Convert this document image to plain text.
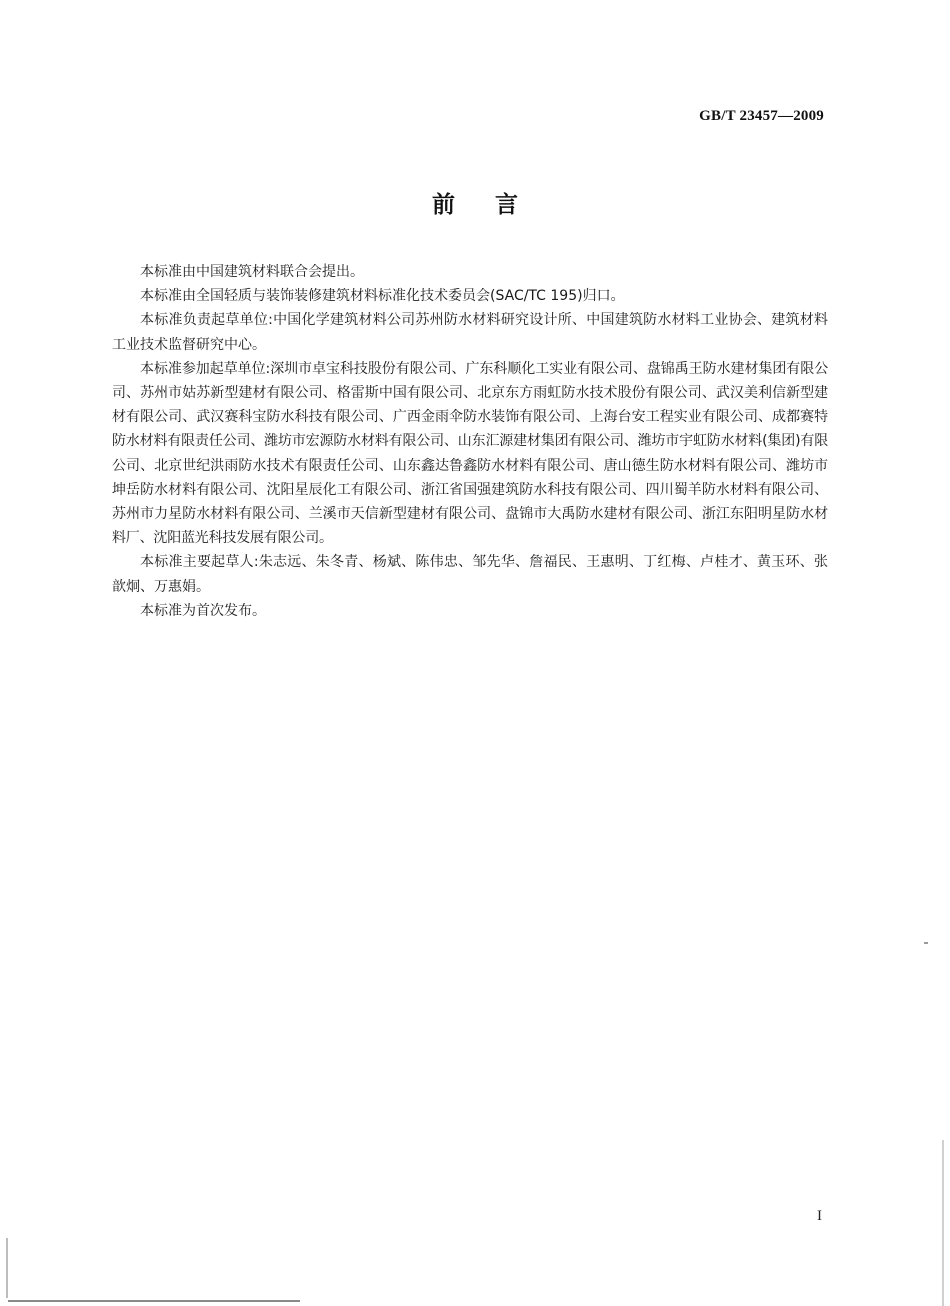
GB/T 23457—2009
前言

本标准由中国建筑材料联合会提出。

本标准由全国轻质与装饰装修建筑材料标准化技术委员会(SAC/TC 195)归口。

本标准负责起草单位:中国化学建筑材料公司苏州防水材料研究设计所、中国建筑防水材料工业协会、建筑材料工业技术监督研究中心。

本标准参加起草单位:深圳市卓宝科技股份有限公司、广东科顺化工实业有限公司、盘锦禹王防水建材集团有限公司、苏州市姑苏新型建材有限公司、格雷斯中国有限公司、北京东方雨虹防水技术股份有限公司、武汉美利信新型建材有限公司、武汉赛科宝防水科技有限公司、广西金雨伞防水装饰有限公司、上海台安工程实业有限公司、成都赛特防水材料有限责任公司、潍坊市宏源防水材料有限公司、山东汇源建材集团有限公司、潍坊市宇虹防水材料(集团)有限公司、北京世纪洪雨防水技术有限责任公司、山东鑫达鲁鑫防水材料有限公司、唐山德生防水材料有限公司、潍坊市坤岳防水材料有限公司、沈阳星辰化工有限公司、浙江省国强建筑防水科技有限公司、四川蜀羊防水材料有限公司、苏州市力星防水材料有限公司、兰溪市天信新型建材有限公司、盘锦市大禹防水建材有限公司、浙江东阳明星防水材料厂、沈阳蓝光科技发展有限公司。

本标准主要起草人:朱志远、朱冬青、杨斌、陈伟忠、邹先华、詹福民、王惠明、丁红梅、卢桂才、黄玉环、张歆炯、万惠娟。

本标准为首次发布。

I
